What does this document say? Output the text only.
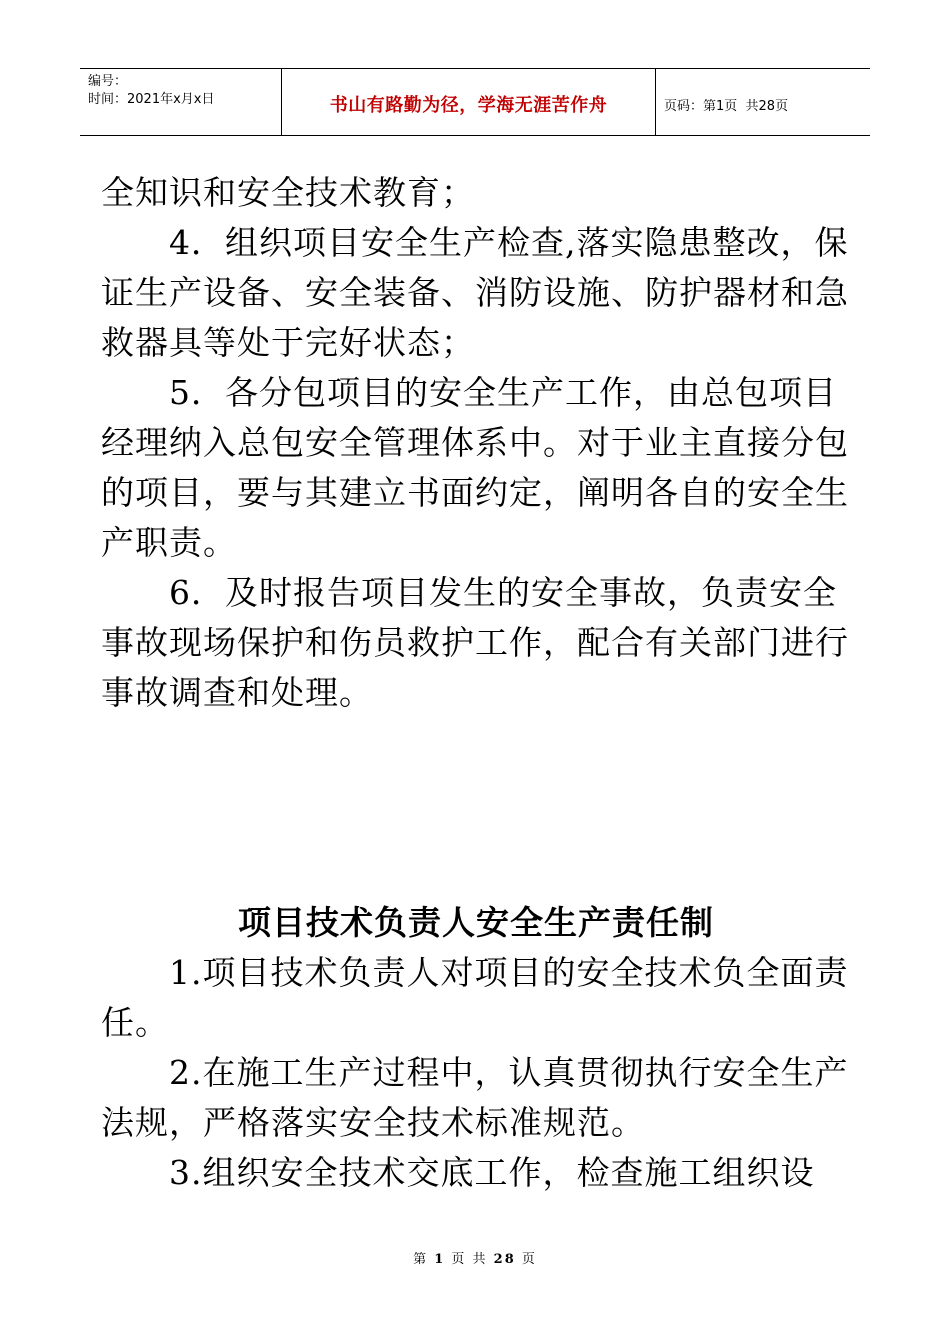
编号：
时间：2021年x月x日	书山有路勤为径，学海无涯苦作舟	页码：第1页  共28页

全知识和安全技术教育；

4．组织项目安全生产检查,落实隐患整改，保证生产设备、安全装备、消防设施、防护器材和急救器具等处于完好状态；

5．各分包项目的安全生产工作，由总包项目经理纳入总包安全管理体系中。对于业主直接分包的项目，要与其建立书面约定，阐明各自的安全生产职责。

6．及时报告项目发生的安全事故，负责安全事故现场保护和伤员救护工作，配合有关部门进行事故调查和处理。

项目技术负责人安全生产责任制

1.项目技术负责人对项目的安全技术负全面责任。

2.在施工生产过程中，认真贯彻执行安全生产法规，严格落实安全技术标准规范。

3.组织安全技术交底工作，检查施工组织设

第 1 页 共 28 页
